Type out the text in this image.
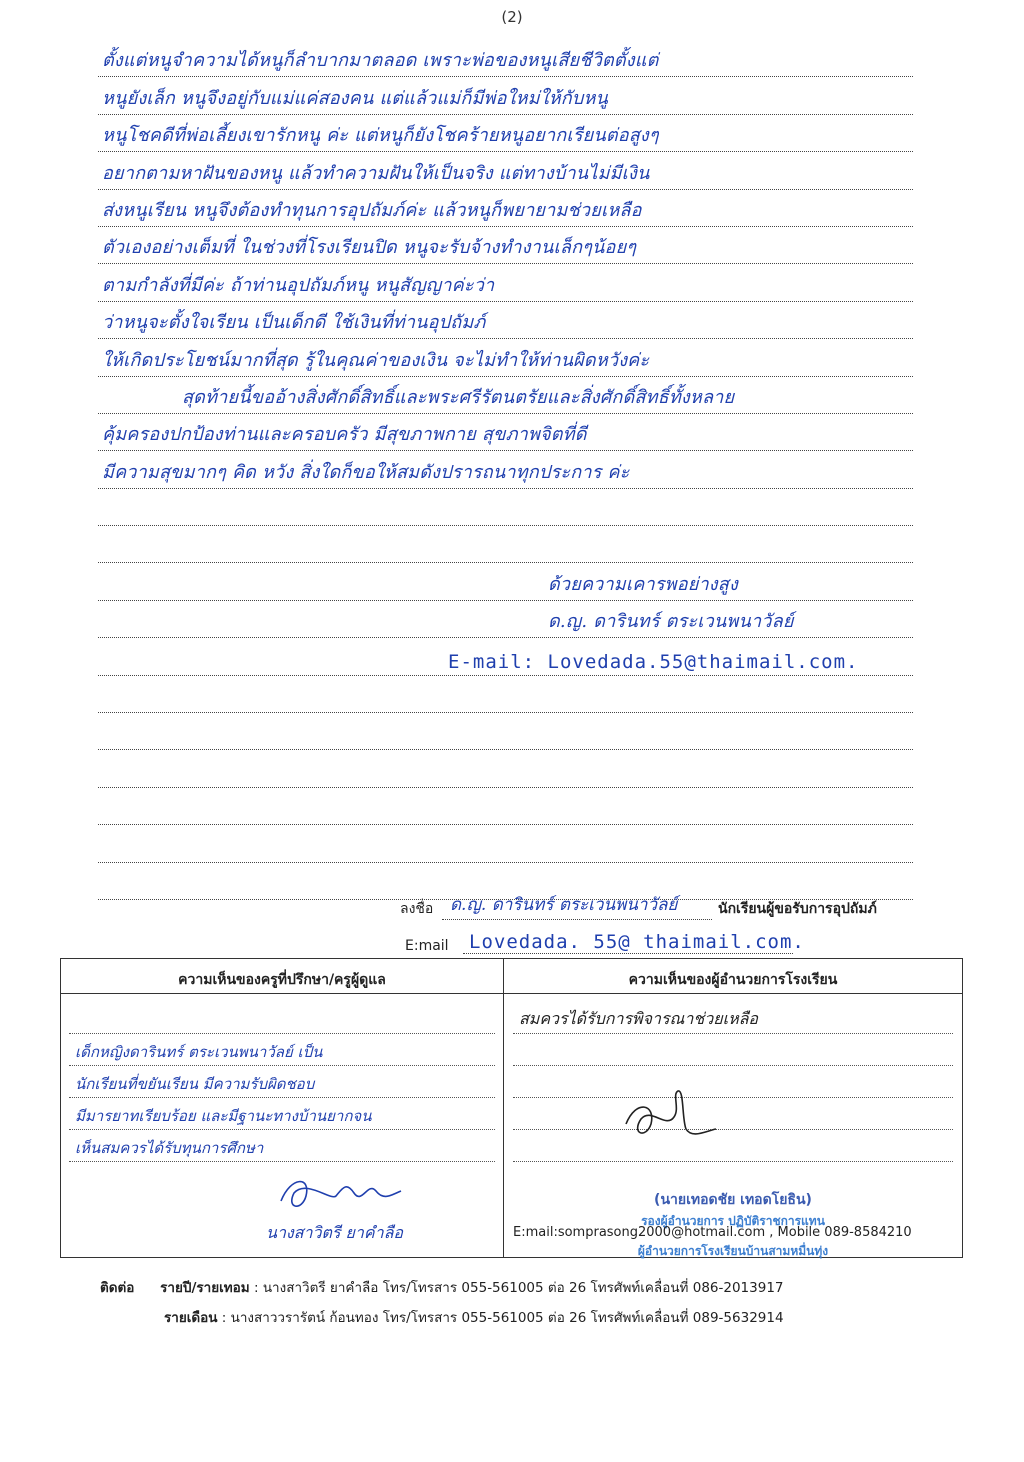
(2)
ตั้งแต่หนูจำความได้หนูก็ลำบากมาตลอด เพราะพ่อของหนูเสียชีวิตตั้งแต่
หนูยังเล็ก หนูจึงอยู่กับแม่แค่สองคน แต่แล้วแม่ก็มีพ่อใหม่ให้กับหนู
หนูโชคดีที่พ่อเลี้ยงเขารักหนู ค่ะ แต่หนูก็ยังโชคร้ายหนูอยากเรียนต่อสูงๆ
อยากตามหาฝันของหนู แล้วทำความฝันให้เป็นจริง แต่ทางบ้านไม่มีเงิน
ส่งหนูเรียน หนูจึงต้องทำทุนการอุปถัมภ์ค่ะ แล้วหนูก็พยายามช่วยเหลือ
ตัวเองอย่างเต็มที่ ในช่วงที่โรงเรียนปิด หนูจะรับจ้างทำงานเล็กๆน้อยๆ
ตามกำลังที่มีค่ะ ถ้าท่านอุปถัมภ์หนู หนูสัญญาค่ะว่า
ว่าหนูจะตั้งใจเรียน เป็นเด็กดี ใช้เงินที่ท่านอุปถัมภ์
ให้เกิดประโยชน์มากที่สุด รู้ในคุณค่าของเงิน จะไม่ทำให้ท่านผิดหวังค่ะ
สุดท้ายนี้ขออ้างสิ่งศักดิ์สิทธิ์และพระศรีรัตนตรัยและสิ่งศักดิ์สิทธิ์ทั้งหลาย
คุ้มครองปกป้องท่านและครอบครัว มีสุขภาพกาย สุขภาพจิตที่ดี
มีความสุขมากๆ คิด หวัง สิ่งใดก็ขอให้สมดังปรารถนาทุกประการ ค่ะ
ด้วยความเคารพอย่างสูง
ด.ญ. ดารินทร์ ตระเวนพนาวัลย์
E-mail: Lovedada.55@thaimail.com.
ลงชื่อ ด.ญ. ดารินทร์ ตระเวนพนาวัลย์	นักเรียนผู้ขอรับการอุปถัมภ์
E:mail Lovedada. 55@ thaimail.com.
ความเห็นของครูที่ปรึกษา/ครูผู้ดูแล	ความเห็นของผู้อำนวยการโรงเรียน
เด็กหญิงดารินทร์ ตระเวนพนาวัลย์ เป็น
นักเรียนที่ขยันเรียน มีความรับผิดชอบ
มีมารยาทเรียบร้อย และมีฐานะทางบ้านยากจน
เห็นสมควรได้รับทุนการศึกษา
นางสาวิตรี ยาคำลือ
สมควรได้รับการพิจารณาช่วยเหลือ
(นายเทอดชัย เทอดโยธิน)
รองผู้อำนวยการ ปฏิบัติราชการแทน
E:mail:somprasong2000@hotmail.com , Mobile 089-8584210
ผู้อำนวยการโรงเรียนบ้านสามหมื่นทุ่ง
ติดต่อ รายปี/รายเทอม : นางสาวิตรี ยาคำลือ โทร/โทรสาร 055-561005 ต่อ 26 โทรศัพท์เคลื่อนที่ 086-2013917
รายเดือน : นางสาววรารัตน์ ก้อนทอง โทร/โทรสาร 055-561005 ต่อ 26 โทรศัพท์เคลื่อนที่ 089-5632914
